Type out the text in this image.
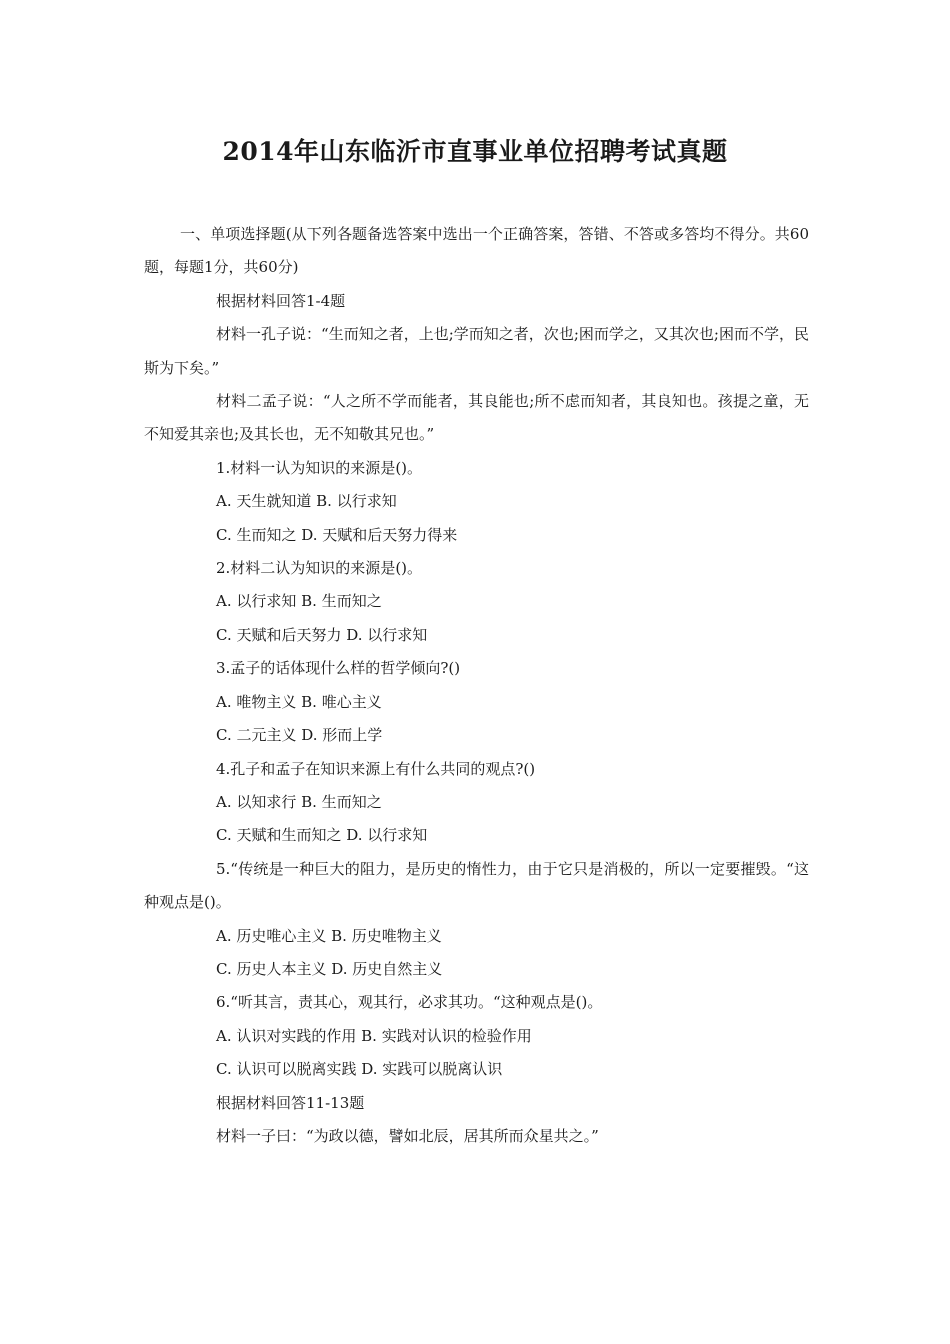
2014年山东临沂市直事业单位招聘考试真题

一、单项选择题(从下列各题备选答案中选出一个正确答案，答错、不答或多答均不得分。共60题，每题1分，共60分)

根据材料回答1-4题

材料一孔子说：“生而知之者，上也;学而知之者，次也;困而学之，又其次也;困而不学，民斯为下矣。”

材料二孟子说：“人之所不学而能者，其良能也;所不虑而知者，其良知也。孩提之童，无不知爱其亲也;及其长也，无不知敬其兄也。”

1.材料一认为知识的来源是()。

A. 天生就知道 B. 以行求知

C. 生而知之 D. 天赋和后天努力得来

2.材料二认为知识的来源是()。

A. 以行求知 B. 生而知之

C. 天赋和后天努力 D. 以行求知

3.孟子的话体现什么样的哲学倾向?()

A. 唯物主义 B. 唯心主义

C. 二元主义 D. 形而上学

4.孔子和孟子在知识来源上有什么共同的观点?()

A. 以知求行 B. 生而知之

C. 天赋和生而知之 D. 以行求知

5.“传统是一种巨大的阻力，是历史的惰性力，由于它只是消极的，所以一定要摧毁。“这种观点是()。

A. 历史唯心主义 B. 历史唯物主义

C. 历史人本主义 D. 历史自然主义

6.“听其言，责其心，观其行，必求其功。“这种观点是()。

A. 认识对实践的作用 B. 实践对认识的检验作用

C. 认识可以脱离实践 D. 实践可以脱离认识

根据材料回答11-13题

材料一子曰：“为政以德，譬如北辰，居其所而众星共之。”
